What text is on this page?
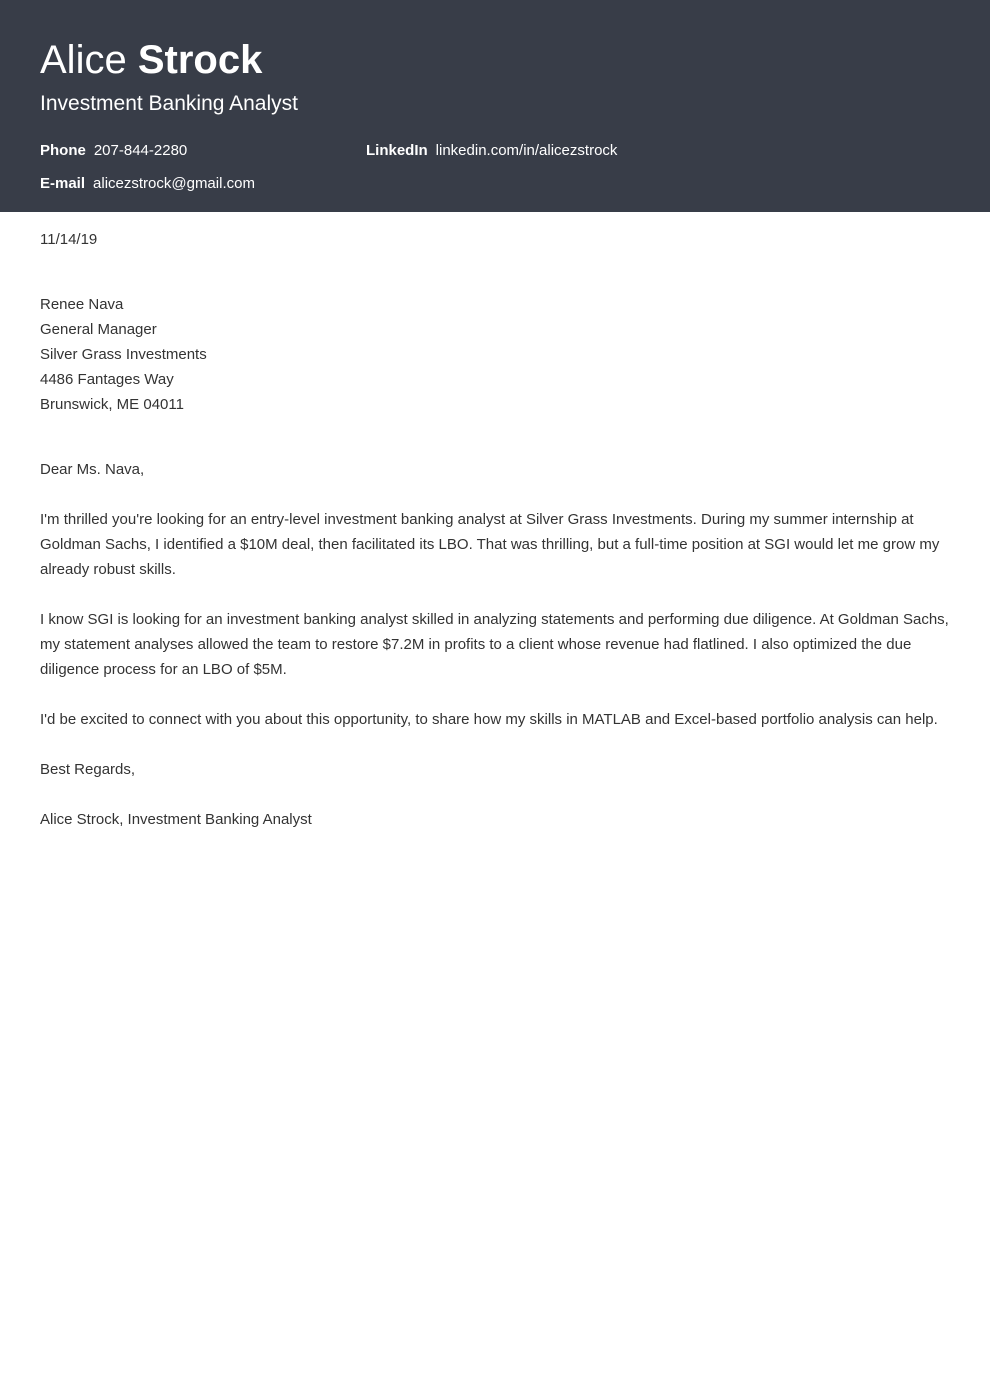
Alice Strock
Investment Banking Analyst
Phone 207-844-2280	LinkedIn linkedin.com/in/alicezstrock
E-mail alicezstrock@gmail.com
11/14/19

Renee Nava

General Manager

Silver Grass Investments

4486 Fantages Way

Brunswick, ME 04011

Dear Ms. Nava,
I'm thrilled you're looking for an entry-level investment banking analyst at Silver Grass Investments. During my summer internship at Goldman Sachs, I identified a $10M deal, then facilitated its LBO. That was thrilling, but a full-time position at SGI would let me grow my already robust skills.
I know SGI is looking for an investment banking analyst skilled in analyzing statements and performing due diligence. At Goldman Sachs, my statement analyses allowed the team to restore $7.2M in profits to a client whose revenue had flatlined. I also optimized the due diligence process for an LBO of $5M.
I'd be excited to connect with you about this opportunity, to share how my skills in MATLAB and Excel-based portfolio analysis can help.
Best Regards,
Alice Strock, Investment Banking Analyst
